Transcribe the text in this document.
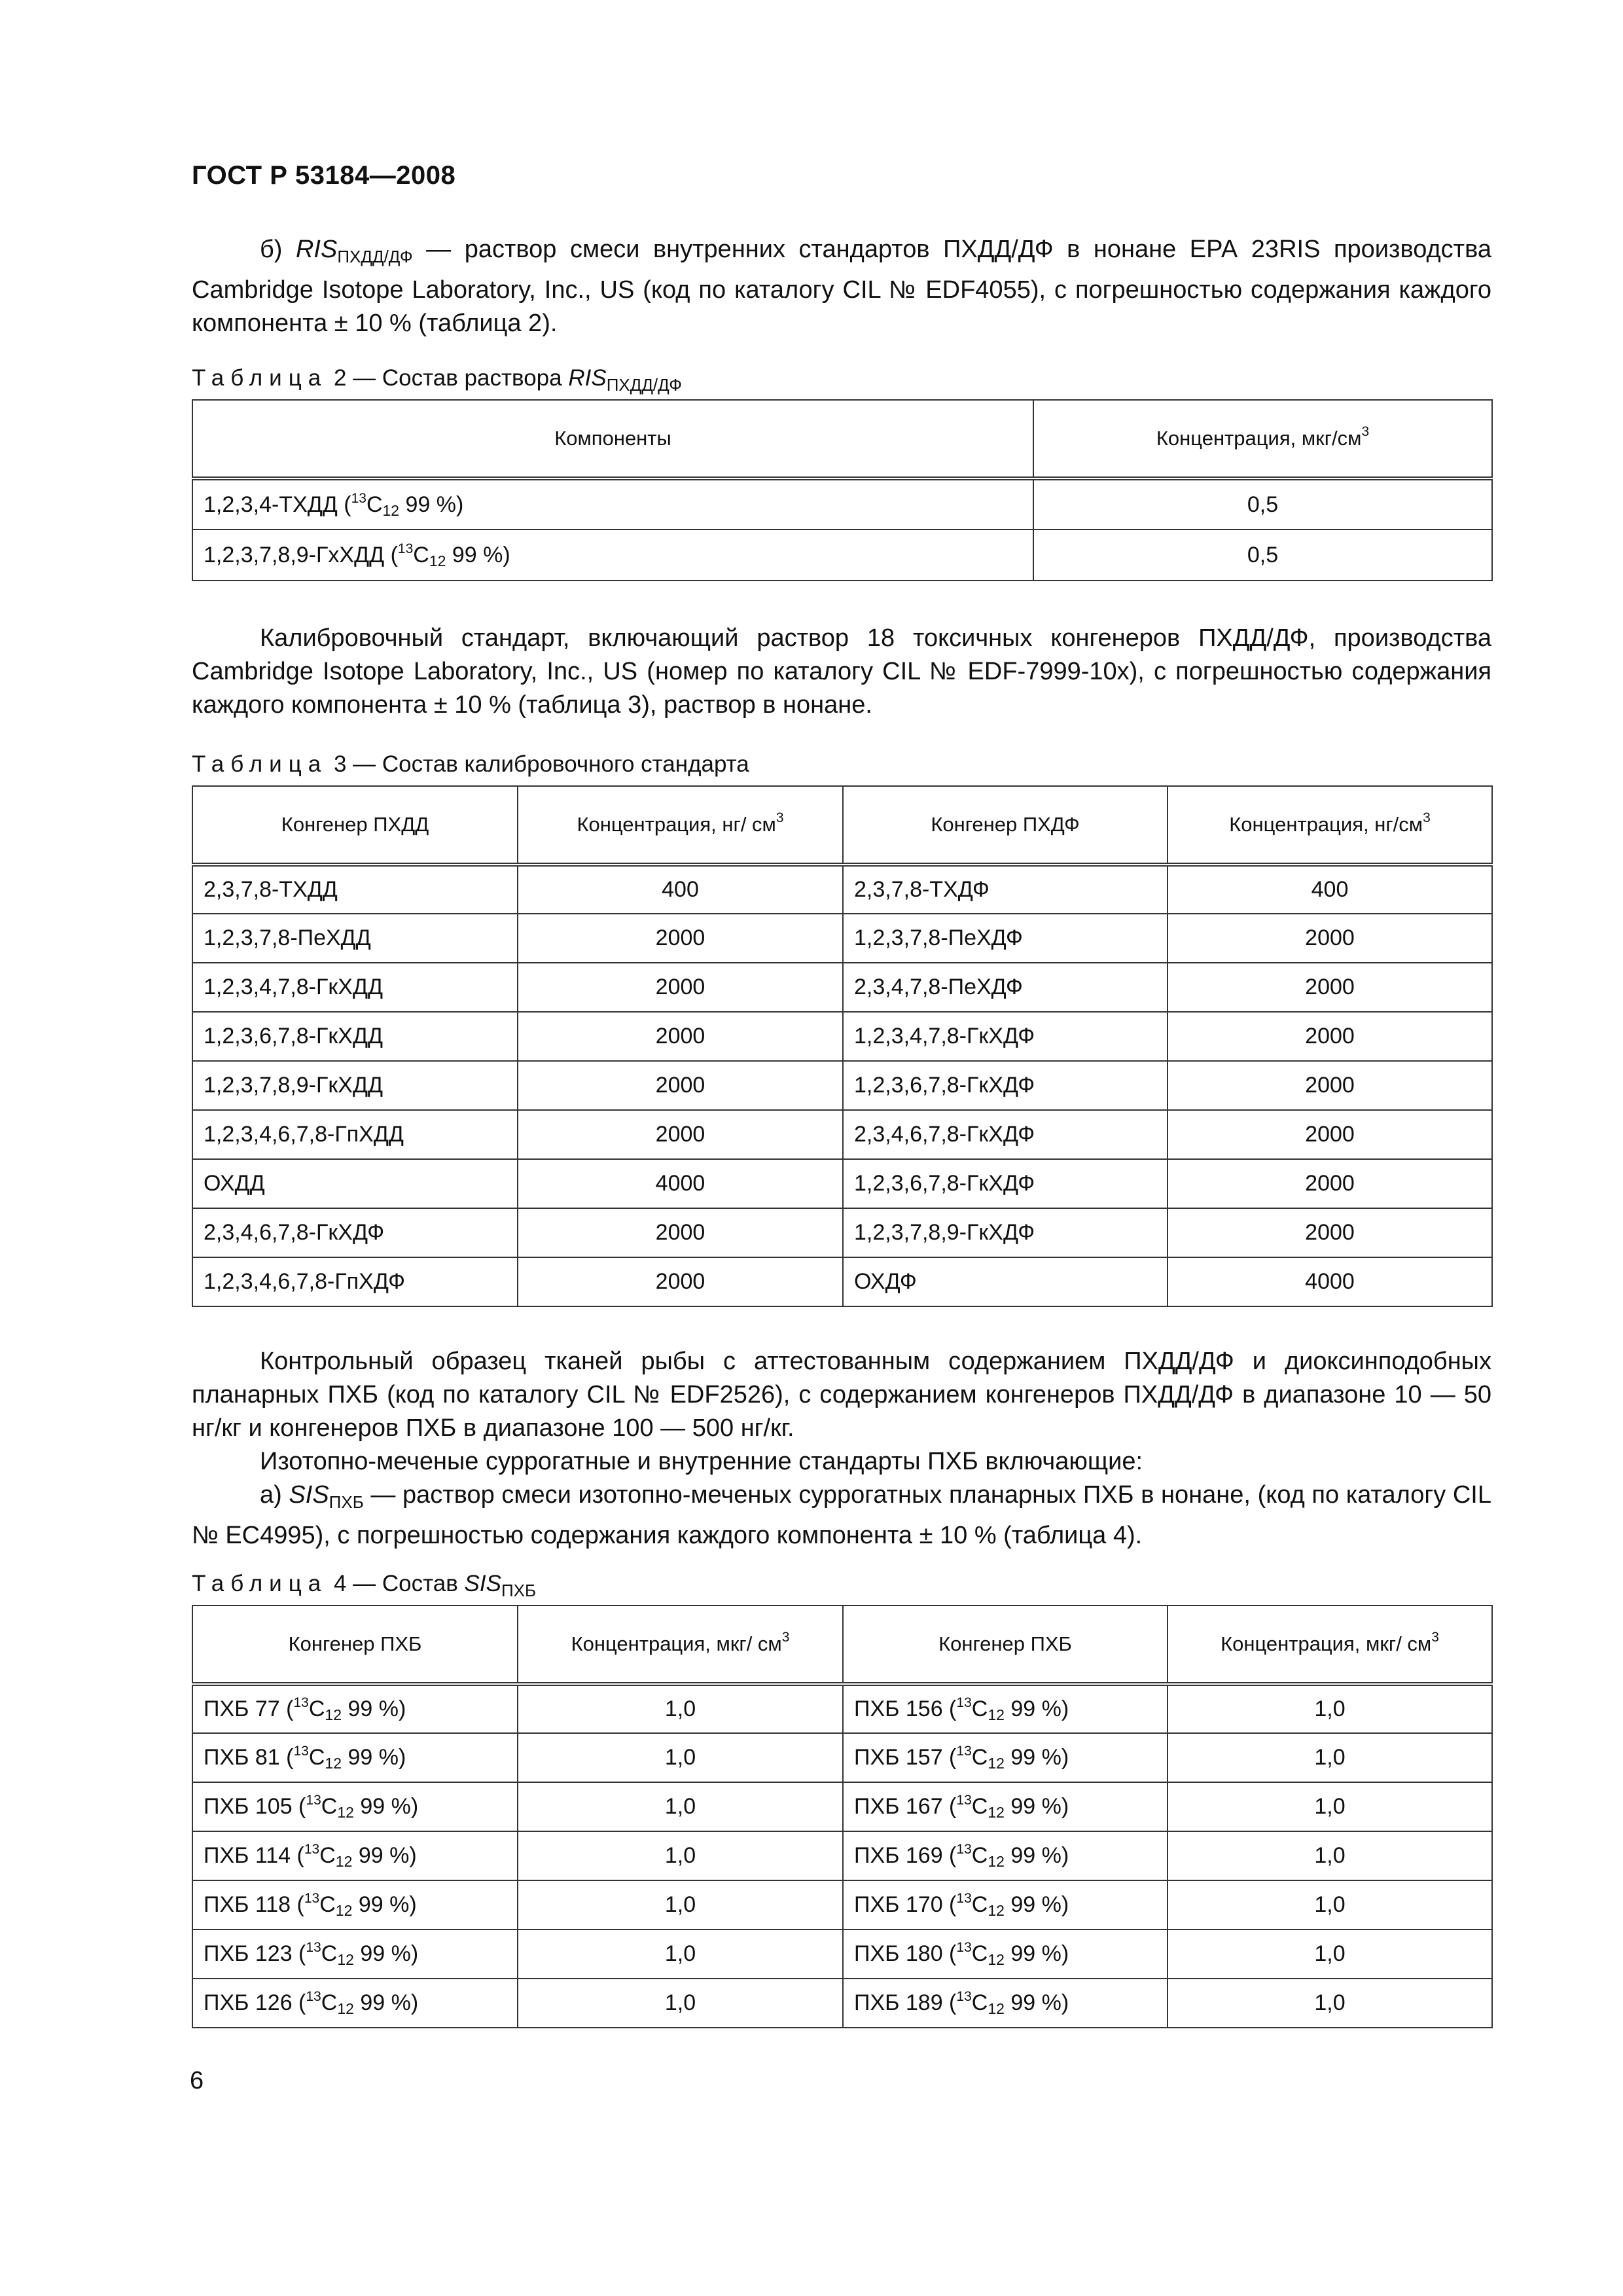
ГОСТ Р 53184—2008

б) $RIS_{ПХДД/ДФ}$ — раствор смеси внутренних стандартов ПХДД/ДФ в нонане ЕРА 23RIS производства Cambridge Isotope Laboratory, Inc., US (код по каталогу CIL № EDF4055), с погрешностью содержания каждого компонента ± 10 % (таблица 2).

Таблица 2 — Состав раствора $RIS_{ПХДД/ДФ}$
Компоненты	Концентрация, мкг/$см^3$
1,2,3,4-ТХДД ($^{13}C_{12}$ 99 %)	0,5
1,2,3,7,8,9-ГхХДД ($^{13}C_{12}$ 99 %)	0,5

Калибровочный стандарт, включающий раствор 18 токсичных конгенеров ПХДД/ДФ, производства Cambridge Isotope Laboratory, Inc., US (номер по каталогу CIL № EDF-7999-10x), с погрешностью содержания каждого компонента ± 10 % (таблица 3), раствор в нонане.

Таблица 3 — Состав калибровочного стандарта
Конгенер ПХДД	Концентрация, нг/ $см^3$	Конгенер ПХДФ	Концентрация, $нг/см^3$
2,3,7,8-ТХДД	400	2,3,7,8-ТХДФ	400
1,2,3,7,8-ПеХДД	2000	1,2,3,7,8-ПеХДФ	2000
1,2,3,4,7,8-ГкХДД	2000	2,3,4,7,8-ПеХДФ	2000
1,2,3,6,7,8-ГкХДД	2000	1,2,3,4,7,8-ГкХДФ	2000
1,2,3,7,8,9-ГкХДД	2000	1,2,3,6,7,8-ГкХДФ	2000
1,2,3,4,6,7,8-ГпХДД	2000	2,3,4,6,7,8-ГкХДФ	2000
ОХДД	4000	1,2,3,6,7,8-ГкХДФ	2000
2,3,4,6,7,8-ГкХДФ	2000	1,2,3,7,8,9-ГкХДФ	2000
1,2,3,4,6,7,8-ГпХДФ	2000	ОХДФ	4000

Контрольный образец тканей рыбы с аттестованным содержанием ПХДД/ДФ и диоксинподобных планарных ПХБ (код по каталогу CIL № EDF2526), с содержанием конгенеров ПХДД/ДФ в диапазоне 10 — 50 нг/кг и конгенеров ПХБ в диапазоне 100 — 500 нг/кг.

Изотопно-меченые суррогатные и внутренние стандарты ПХБ включающие:

а) $SIS_{ПХБ}$ — раствор смеси изотопно-меченых суррогатных планарных ПХБ в нонане, (код по каталогу CIL № EC4995), с погрешностью содержания каждого компонента ± 10 % (таблица 4).

Таблица 4 — Состав $SIS_{ПХБ}$
Конгенер ПХБ	Концентрация, мкг/ $см^3$	Конгенер ПХБ	Концентрация, мкг/ $см^3$
ПХБ 77 ($^{13}C_{12}$ 99 %)	1,0	ПХБ 156 ($^{13}C_{12}$ 99 %)	1,0
ПХБ 81 ($^{13}C_{12}$ 99 %)	1,0	ПХБ 157 ($^{13}C_{12}$ 99 %)	1,0
ПХБ 105 ($^{13}C_{12}$ 99 %)	1,0	ПХБ 167 ($^{13}C_{12}$ 99 %)	1,0
ПХБ 114 ($^{13}C_{12}$ 99 %)	1,0	ПХБ 169 ($^{13}C_{12}$ 99 %)	1,0
ПХБ 118 ($^{13}C_{12}$ 99 %)	1,0	ПХБ 170 ($^{13}C_{12}$ 99 %)	1,0
ПХБ 123 ($^{13}C_{12}$ 99 %)	1,0	ПХБ 180 ($^{13}C_{12}$ 99 %)	1,0
ПХБ 126 ($^{13}C_{12}$ 99 %)	1,0	ПХБ 189 ($^{13}C_{12}$ 99 %)	1,0
6
